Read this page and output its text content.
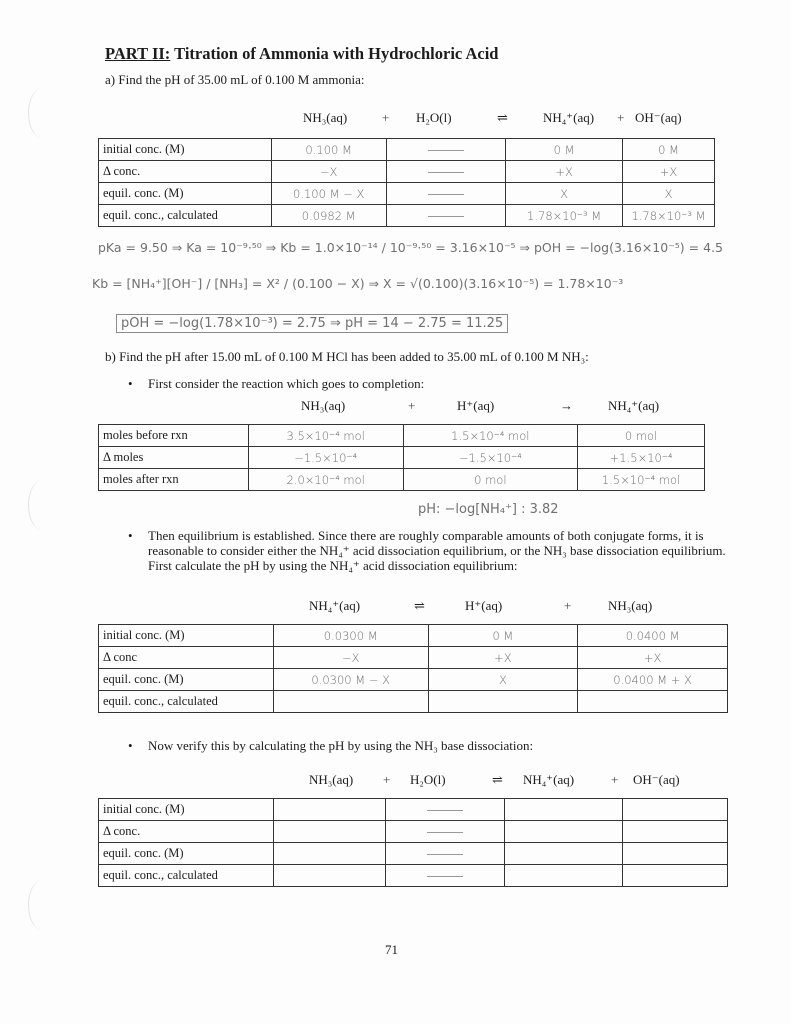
PART II: Titration of Ammonia with Hydrochloric Acid
a) Find the pH of 35.00 mL of 0.100 M ammonia:
NH₃(aq)	+ H₂O(l)	⇌	NH₄⁺(aq) + OH⁻(aq)
initial conc. (M)	0.100 M		0 M	0 M
Δ conc.	−X		+X	+X
equil. conc. (M)	0.100 M − X		X	X
equil. conc., calculated	0.0982 M		1.78×10⁻³ M	1.78×10⁻³ M
pKa = 9.50 ⇒ Ka = 10⁻⁹·⁵⁰ ⇒ Kb = 1.0×10⁻¹⁴ / 10⁻⁹·⁵⁰ = 3.16×10⁻⁵ ⇒ pOH = −log(3.16×10⁻⁵) = 4.5
Kb = [NH₄⁺][OH⁻] / [NH₃] = X² / (0.100 − X) ⇒ X = √(0.100)(3.16×10⁻⁵) = 1.78×10⁻³
pOH = −log(1.78×10⁻³) = 2.75 ⇒ pH = 14 − 2.75 = 11.25
b) Find the pH after 15.00 mL of 0.100 M HCl has been added to 35.00 mL of 0.100 M NH₃:
• First consider the reaction which goes to completion:
NH₃(aq)	+	H⁺(aq)	→	NH₄⁺(aq)
moles before rxn	3.5×10⁻⁴ mol	1.5×10⁻⁴ mol	0 mol
Δ moles	−1.5×10⁻⁴	−1.5×10⁻⁴	+1.5×10⁻⁴
moles after rxn	2.0×10⁻⁴ mol	0 mol	1.5×10⁻⁴ mol
pH: −log[NH₄⁺] : 3.82
• Then equilibrium is established. Since there are roughly comparable amounts of both conjugate forms, it is reasonable to consider either the NH₄⁺ acid dissociation equilibrium, or the NH₃ base dissociation equilibrium. First calculate the pH by using the NH₄⁺ acid dissociation equilibrium:
NH₄⁺(aq)	⇌	H⁺(aq)	+	NH₃(aq)
initial conc. (M)	0.0300 M	0 M	0.0400 M
Δ conc	−X	+X	+X
equil. conc. (M)	0.0300 M − X	X	0.0400 M + X
equil. conc., calculated			
• Now verify this by calculating the pH by using the NH₃ base dissociation:
NH₃(aq) + H₂O(l)	⇌ NH₄⁺(aq)	+ OH⁻(aq)
initial conc. (M)				
Δ conc.				
equil. conc. (M)				
equil. conc., calculated				
71
